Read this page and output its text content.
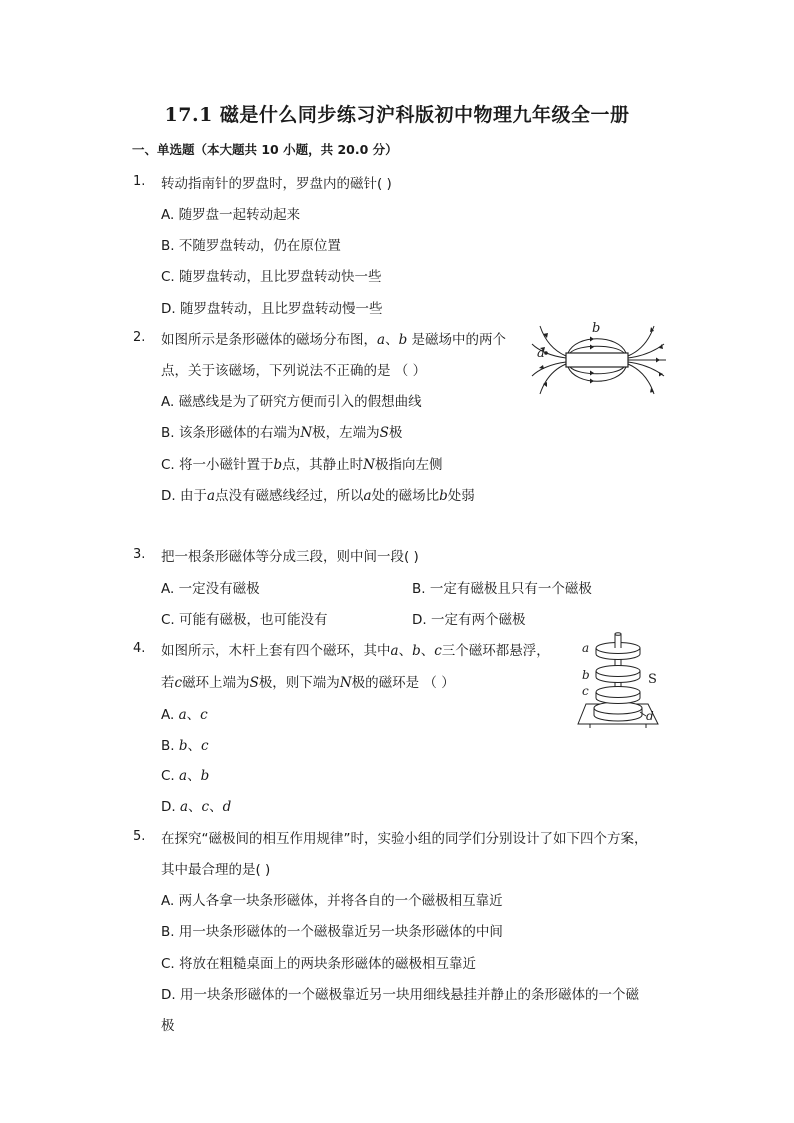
17.1 磁是什么同步练习沪科版初中物理九年级全一册
一、单选题（本大题共 10 小题，共 20.0 分）
1. 转动指南针的罗盘时，罗盘内的磁针( )
A. 随罗盘一起转动起来
B. 不随罗盘转动，仍在原位置
C. 随罗盘转动，且比罗盘转动快一些
D. 随罗盘转动，且比罗盘转动慢一些
2. 如图所示是条形磁体的磁场分布图，a、b 是磁场中的两个
点，关于该磁场，下列说法不正确的是 （ ）
A. 磁感线是为了研究方便而引入的假想曲线
B. 该条形磁体的右端为N极，左端为S极
C. 将一小磁针置于b点，其静止时N极指向左侧
D. 由于a点没有磁感线经过，所以a处的磁场比b处弱
b
a
3. 把一根条形磁体等分成三段，则中间一段( )
A. 一定没有磁极	B. 一定有磁极且只有一个磁极
C. 可能有磁极，也可能没有	D. 一定有两个磁极
4. 如图所示，木杆上套有四个磁环，其中a、b、c三个磁环都悬浮，
若c磁环上端为S极，则下端为N极的磁环是 （ ）
A. a、c
B. b、c
C. a、b
D. a、c、d
a
b
c
d
S
5. 在探究“磁极间的相互作用规律”时，实验小组的同学们分别设计了如下四个方案，
其中最合理的是( )
A. 两人各拿一块条形磁体，并将各自的一个磁极相互靠近
B. 用一块条形磁体的一个磁极靠近另一块条形磁体的中间
C. 将放在粗糙桌面上的两块条形磁体的磁极相互靠近
D. 用一块条形磁体的一个磁极靠近另一块用细线悬挂并静止的条形磁体的一个磁
极
